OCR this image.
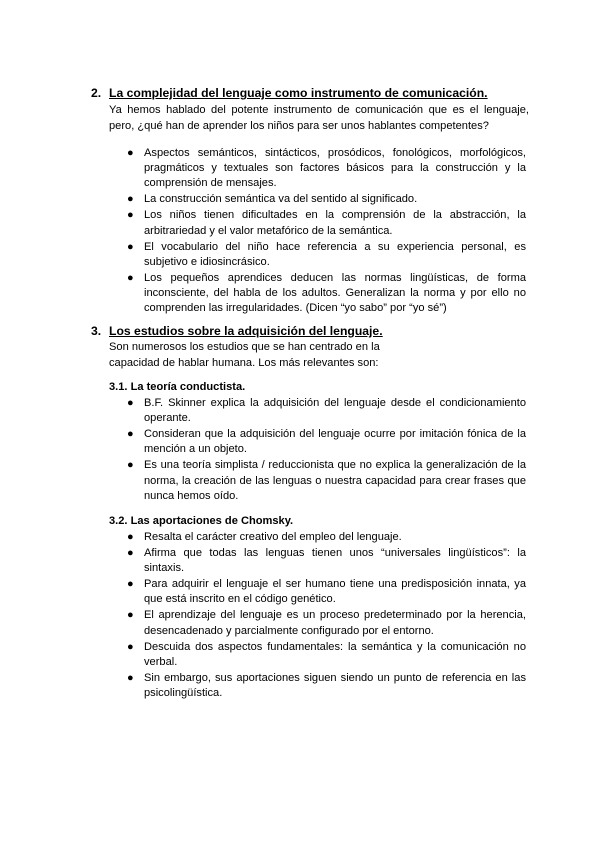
2. La complejidad del lenguaje como instrumento de comunicación.
Ya hemos hablado del potente instrumento de comunicación que es el lenguaje, pero, ¿qué han de aprender los niños para ser unos hablantes competentes?
● Aspectos semánticos, sintácticos, prosódicos, fonológicos, morfológicos, pragmáticos y textuales son factores básicos para la construcción y la comprensión de mensajes.
● La construcción semántica va del sentido al significado.
● Los niños tienen dificultades en la comprensión de la abstracción, la arbitrariedad y el valor metafórico de la semántica.
● El vocabulario del niño hace referencia a su experiencia personal, es subjetivo e idiosincrásico.
● Los pequeños aprendices deducen las normas lingüísticas, de forma inconsciente, del habla de los adultos. Generalizan la norma y por ello no comprenden las irregularidades. (Dicen “yo sabo” por “yo sé”)
3. Los estudios sobre la adquisición del lenguaje.
Son numerosos los estudios que se han centrado en la capacidad de hablar humana. Los más relevantes son:
3.1. La teoría conductista.
● B.F. Skinner explica la adquisición del lenguaje desde el condicionamiento operante.
● Consideran que la adquisición del lenguaje ocurre por imitación fónica de la mención a un objeto.
● Es una teoría simplista / reduccionista que no explica la generalización de la norma, la creación de las lenguas o nuestra capacidad para crear frases que nunca hemos oído.
3.2. Las aportaciones de Chomsky.
● Resalta el carácter creativo del empleo del lenguaje.
● Afirma que todas las lenguas tienen unos “universales lingüísticos”: la sintaxis.
● Para adquirir el lenguaje el ser humano tiene una predisposición innata, ya que está inscrito en el código genético.
● El aprendizaje del lenguaje es un proceso predeterminado por la herencia, desencadenado y parcialmente configurado por el entorno.
● Descuida dos aspectos fundamentales: la semántica y la comunicación no verbal.
● Sin embargo, sus aportaciones siguen siendo un punto de referencia en las psicolingüística.
